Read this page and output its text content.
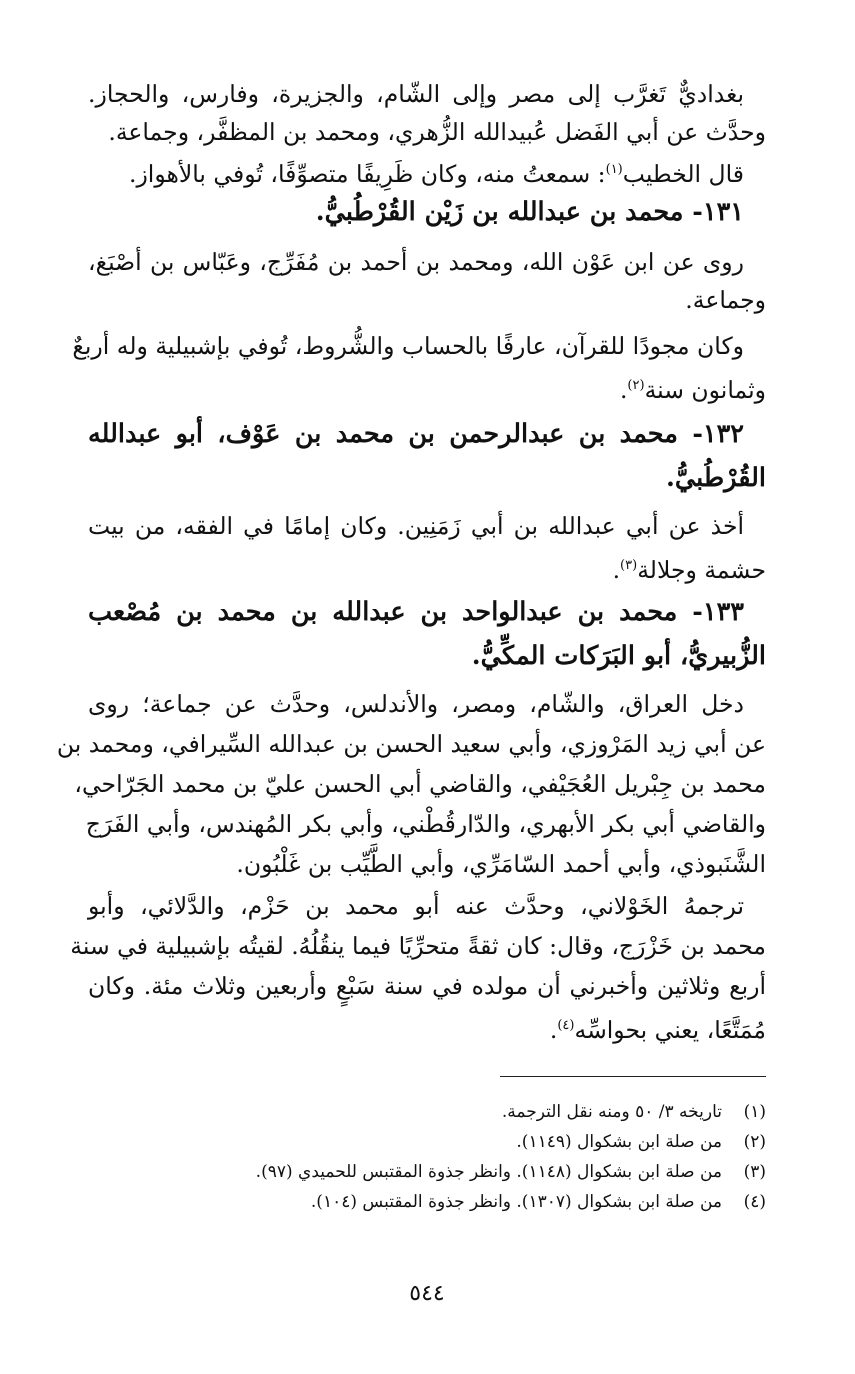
بغداديٌّ تَغرَّب إلى مصر وإلى الشّام، والجزيرة، وفارس، والحجاز.
وحدَّث عن أبي الفَضل عُبيدالله الزُّهري، ومحمد بن المظفَّر، وجماعة.
قال الخطيب$^{(١)}$: سمعتُ منه، وكان ظَرِيفًا متصوِّفًا، تُوفي بالأهواز.
١٣١- محمد بن عبدالله بن زَيْن القُرْطُبيُّ.
روى عن ابن عَوْن الله، ومحمد بن أحمد بن مُفَرِّج، وعَبّاس بن أصْبَغ،
وجماعة.
وكان مجودًا للقرآن، عارفًا بالحساب والشُّروط، تُوفي بإشبيلية وله أربعٌ
وثمانون سنة$^{(٢)}$.
١٣٢- محمد بن عبدالرحمن بن محمد بن عَوْف، أبو عبدالله
القُرْطُبيُّ.
أخذ عن أبي عبدالله بن أبي زَمَنِين. وكان إمامًا في الفقه، من بيت
حشمة وجلالة$^{(٣)}$.
١٣٣- محمد بن عبدالواحد بن عبدالله بن محمد بن مُصْعب
الزُّبيريُّ، أبو البَرَكات المكِّيُّ.
دخل العراق، والشّام، ومصر، والأندلس، وحدَّث عن جماعة؛ روى
عن أبي زيد المَرْوزي، وأبي سعيد الحسن بن عبدالله السِّيرافي، ومحمد بن
محمد بن جِبْريل العُجَيْفي، والقاضي أبي الحسن عليّ بن محمد الجَرّاحي،
والقاضي أبي بكر الأبهري، والدّارقُطْني، وأبي بكر المُهندس، وأبي الفَرَج
الشَّنَبوذي، وأبي أحمد السّامَرِّي، وأبي الطَّيِّب بن غَلْبُون.
ترجمهُ الخَوْلاني، وحدَّث عنه أبو محمد بن حَزْم، والدَّلائي، وأبو
محمد بن خَزْرَج، وقال: كان ثقةً متحرِّيًا فيما ينقُلُهُ. لقيتُه بإشبيلية في سنة
أربع وثلاثين وأخبرني أن مولده في سنة سَبْعٍ وأربعين وثلاث مئة. وكان
مُمَتَّعًا، يعني بحواسِّه$^{(٤)}$.
(١)تاريخه ٣/ ٥٠ ومنه نقل الترجمة.
(٢)من صلة ابن بشكوال (١١٤٩).
(٣)من صلة ابن بشكوال (١١٤٨). وانظر جذوة المقتبس للحميدي (٩٧).
(٤)من صلة ابن بشكوال (١٣٠٧). وانظر جذوة المقتبس (١٠٤).
٥٤٤
